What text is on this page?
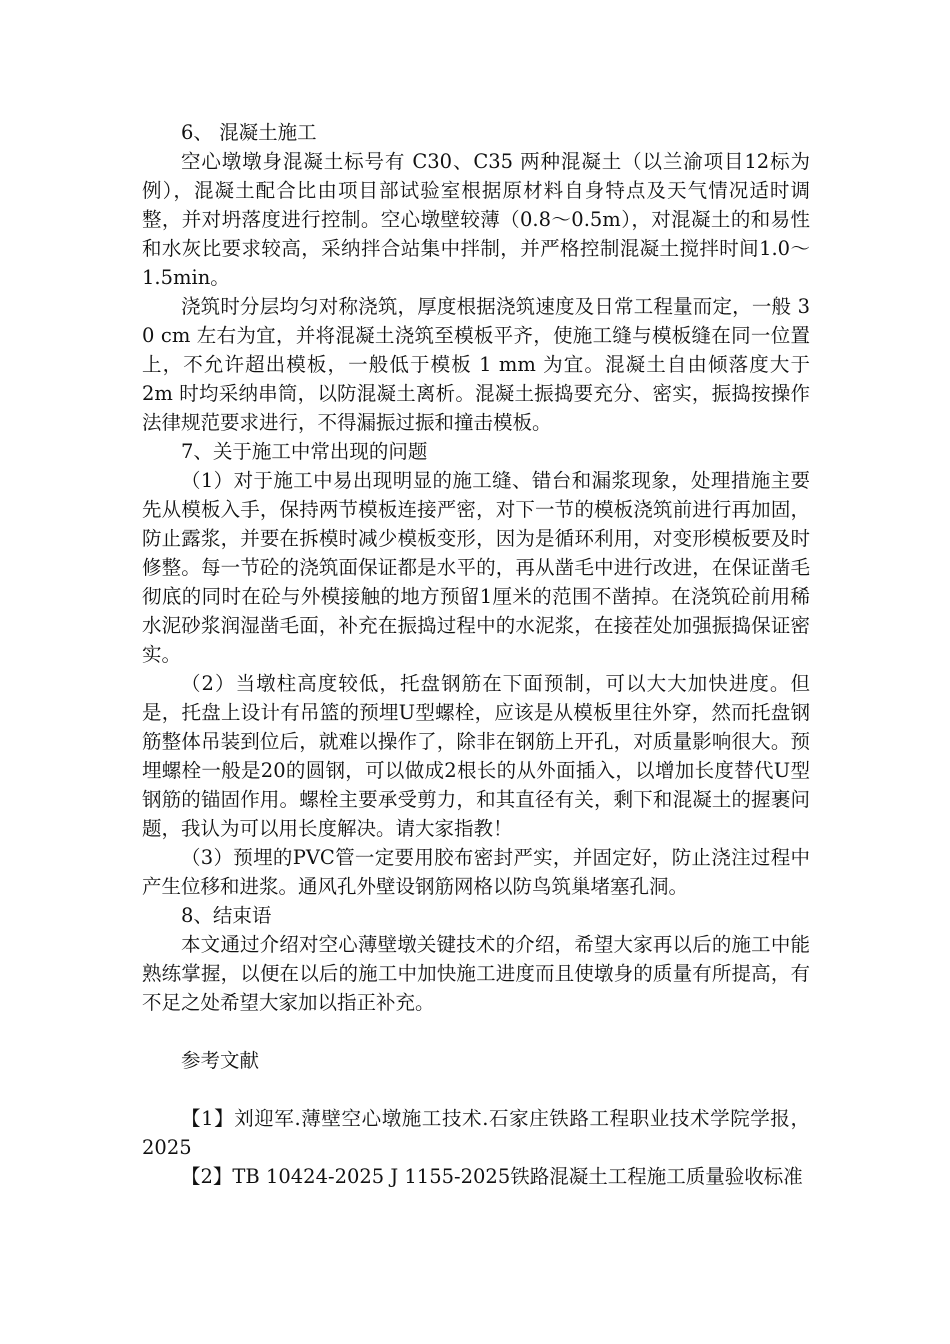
6、 混凝土施工

空心墩墩身混凝土标号有 C30、C35 两种混凝土（以兰渝项目12标为例），混凝土配合比由项目部试验室根据原材料自身特点及天气情况适时调整，并对坍落度进行控制。空心墩壁较薄（0.8～0.5m），对混凝土的和易性和水灰比要求较高，采纳拌合站集中拌制，并严格控制混凝土搅拌时间1.0～1.5min。

浇筑时分层均匀对称浇筑，厚度根据浇筑速度及日常工程量而定，一般 3 0 cm 左右为宜，并将混凝土浇筑至模板平齐，使施工缝与模板缝在同一位置上，不允许超出模板，一般低于模板 1 mm 为宜。混凝土自由倾落度大于 2m 时均采纳串筒，以防混凝土离析。混凝土振捣要充分、密实，振捣按操作法律规范要求进行，不得漏振过振和撞击模板。

7、关于施工中常出现的问题

（1）对于施工中易出现明显的施工缝、错台和漏浆现象，处理措施主要先从模板入手，保持两节模板连接严密，对下一节的模板浇筑前进行再加固，防止露浆，并要在拆模时减少模板变形，因为是循环利用，对变形模板要及时修整。每一节砼的浇筑面保证都是水平的，再从凿毛中进行改进，在保证凿毛彻底的同时在砼与外模接触的地方预留1厘米的范围不凿掉。在浇筑砼前用稀水泥砂浆润湿凿毛面，补充在振捣过程中的水泥浆，在接茬处加强振捣保证密实。

（2）当墩柱高度较低，托盘钢筋在下面预制，可以大大加快进度。但是，托盘上设计有吊篮的预埋U型螺栓，应该是从模板里往外穿，然而托盘钢筋整体吊装到位后，就难以操作了，除非在钢筋上开孔，对质量影响很大。预埋螺栓一般是20的圆钢，可以做成2根长的从外面插入，以增加长度替代U型钢筋的锚固作用。螺栓主要承受剪力，和其直径有关，剩下和混凝土的握裹问题，我认为可以用长度解决。请大家指教！

（3）预埋的PVC管一定要用胶布密封严实，并固定好，防止浇注过程中产生位移和进浆。通风孔外壁设钢筋网格以防鸟筑巢堵塞孔洞。

8、结束语

本文通过介绍对空心薄壁墩关键技术的介绍，希望大家再以后的施工中能熟练掌握，以便在以后的施工中加快施工进度而且使墩身的质量有所提高，有不足之处希望大家加以指正补充。

参考文献

【1】刘迎军.薄壁空心墩施工技术.石家庄铁路工程职业技术学院学报，2025

【2】TB 10424-2025 J 1155-2025铁路混凝土工程施工质量验收标准
